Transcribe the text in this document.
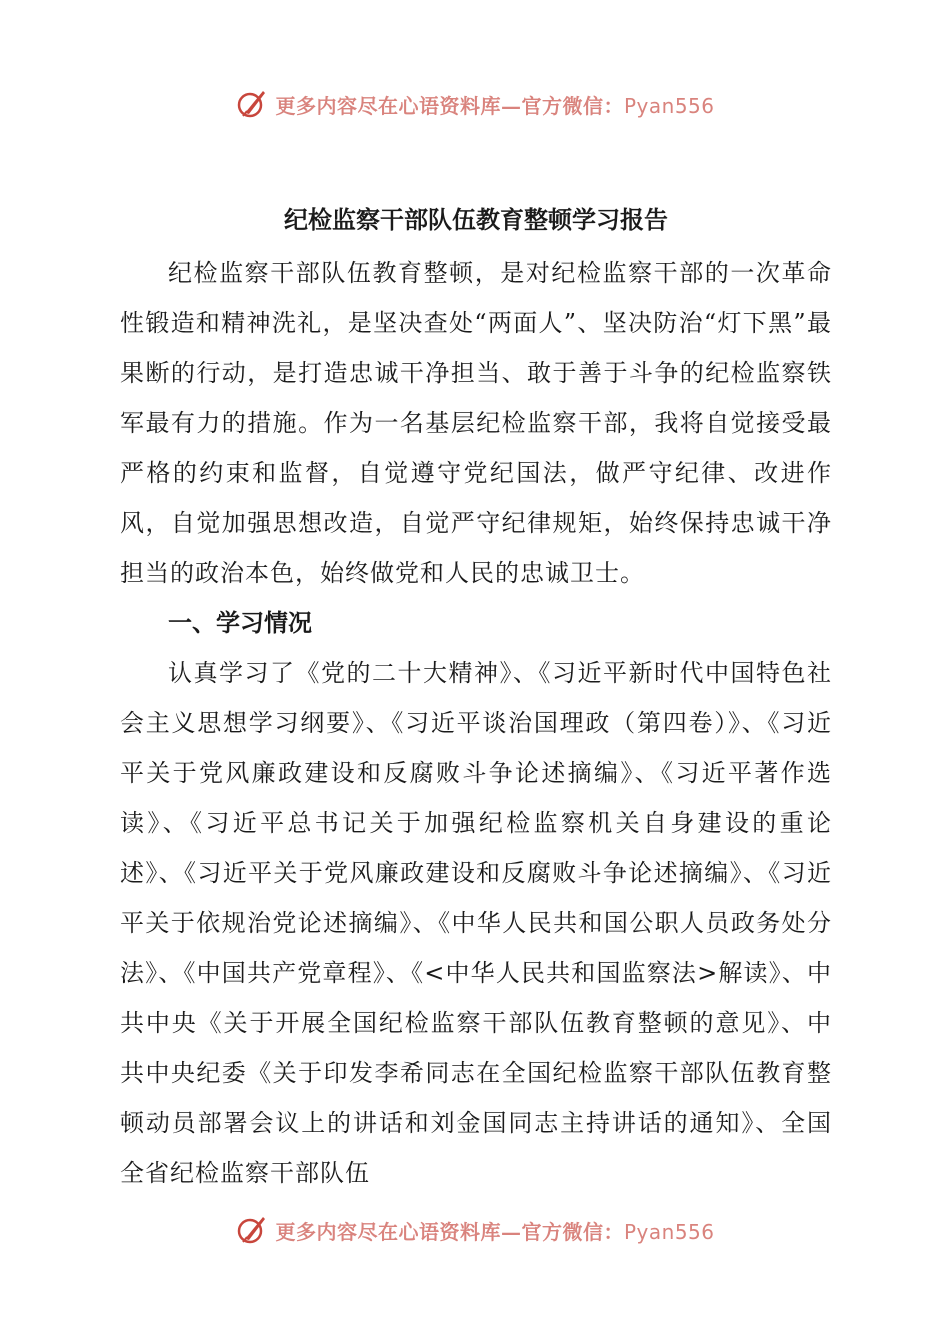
更多内容尽在心语资料库—官方微信：Pyan556
纪检监察干部队伍教育整顿学习报告

纪检监察干部队伍教育整顿，是对纪检监察干部的一次革命性锻造和精神洗礼，是坚决查处“两面人”、坚决防治“灯下黑”最果断的行动，是打造忠诚干净担当、敢于善于斗争的纪检监察铁军最有力的措施。作为一名基层纪检监察干部，我将自觉接受最严格的约束和监督，自觉遵守党纪国法，做严守纪律、改进作风，自觉加强思想改造，自觉严守纪律规矩，始终保持忠诚干净担当的政治本色，始终做党和人民的忠诚卫士。

一、学习情况

认真学习了《党的二十大精神》、《习近平新时代中国特色社会主义思想学习纲要》、《习近平谈治国理政（第四卷）》、《习近平关于党风廉政建设和反腐败斗争论述摘编》、《习近平著作选读》、《习近平总书记关于加强纪检监察机关自身建设的重论述》、《习近平关于党风廉政建设和反腐败斗争论述摘编》、《习近平关于依规治党论述摘编》、《中华人民共和国公职人员政务处分法》、《中国共产党章程》、《<中华人民共和国监察法>解读》、中共中央《关于开展全国纪检监察干部队伍教育整顿的意见》、中共中央纪委《关于印发李希同志在全国纪检监察干部队伍教育整顿动员部署会议上的讲话和刘金国同志主持讲话的通知》、全国全省纪检监察干部队伍

更多内容尽在心语资料库—官方微信：Pyan556
